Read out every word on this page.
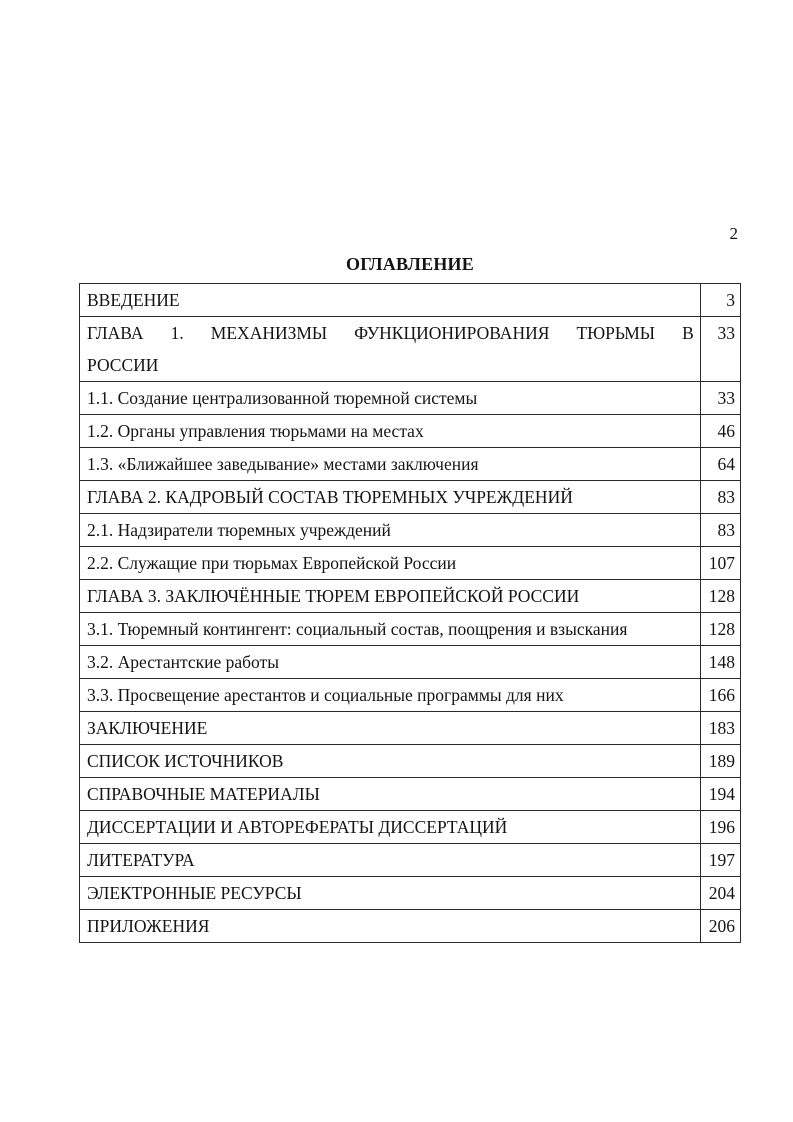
2
ОГЛАВЛЕНИЕ
ВВЕДЕНИЕ	3

ГЛАВА 1. МЕХАНИЗМЫ ФУНКЦИОНИРОВАНИЯ ТЮРЬМЫ В
РОССИИ	33
1.1. Создание централизованной тюремной системы	33
1.2. Органы управления тюрьмами на местах	46
1.3. «Ближайшее заведывание» местами заключения	64
ГЛАВА 2. КАДРОВЫЙ СОСТАВ ТЮРЕМНЫХ УЧРЕЖДЕНИЙ	83
2.1. Надзиратели тюремных учреждений	83
2.2. Служащие при тюрьмах Европейской России	107
ГЛАВА 3. ЗАКЛЮЧЁННЫЕ ТЮРЕМ ЕВРОПЕЙСКОЙ РОССИИ	128
3.1. Тюремный контингент: социальный состав, поощрения и взыскания	128
3.2. Арестантские работы	148
3.3. Просвещение арестантов и социальные программы для них	166
ЗАКЛЮЧЕНИЕ	183
СПИСОК ИСТОЧНИКОВ	189
СПРАВОЧНЫЕ МАТЕРИАЛЫ	194
ДИССЕРТАЦИИ И АВТОРЕФЕРАТЫ ДИССЕРТАЦИЙ	196
ЛИТЕРАТУРА	197
ЭЛЕКТРОННЫЕ РЕСУРСЫ	204
ПРИЛОЖЕНИЯ	206
